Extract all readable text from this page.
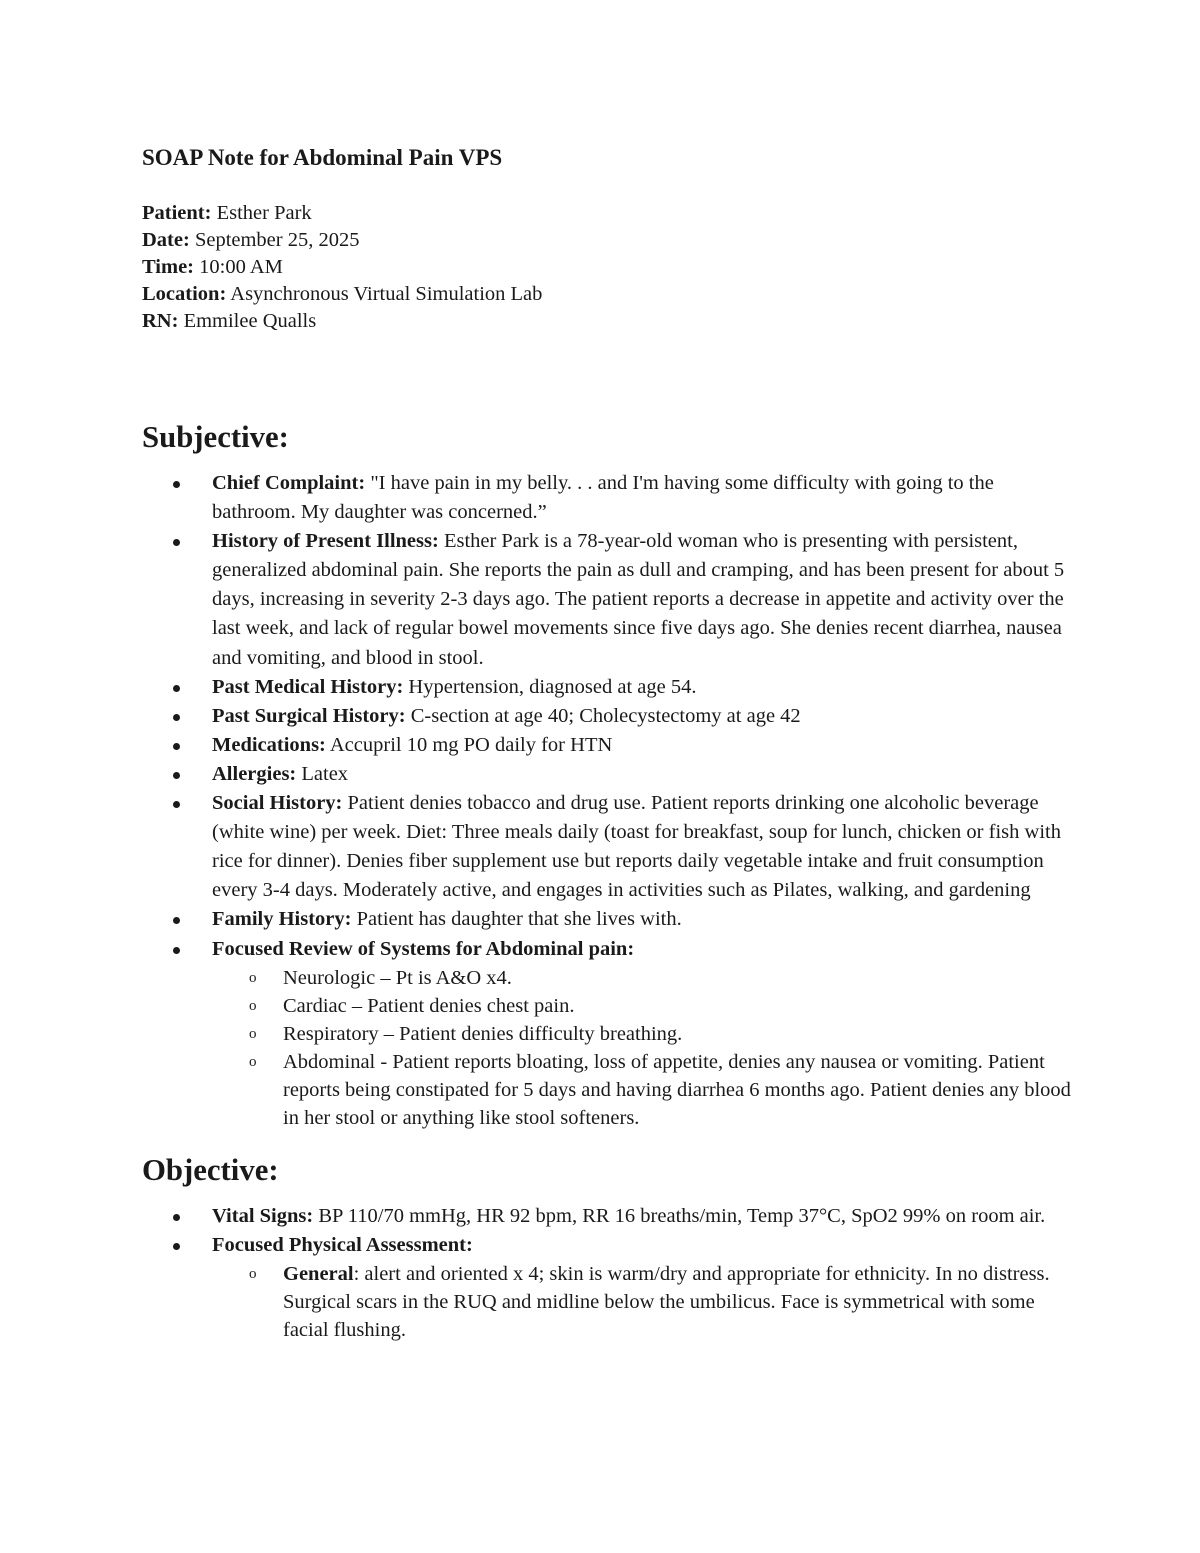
SOAP Note for Abdominal Pain VPS
Patient: Esther Park
Date: September 25, 2025
Time: 10:00 AM
Location: Asynchronous Virtual Simulation Lab
RN: Emmilee Qualls
Subjective:
Chief Complaint: "I have pain in my belly. . . and I'm having some difficulty with going to the bathroom. My daughter was concerned.”
History of Present Illness: Esther Park is a 78-year-old woman who is presenting with persistent, generalized abdominal pain. She reports the pain as dull and cramping, and has been present for about 5 days, increasing in severity 2-3 days ago. The patient reports a decrease in appetite and activity over the last week, and lack of regular bowel movements since five days ago. She denies recent diarrhea, nausea and vomiting, and blood in stool.
Past Medical History: Hypertension, diagnosed at age 54.
Past Surgical History: C-section at age 40; Cholecystectomy at age 42
Medications: Accupril 10 mg PO daily for HTN
Allergies: Latex
Social History: Patient denies tobacco and drug use. Patient reports drinking one alcoholic beverage (white wine) per week. Diet: Three meals daily (toast for breakfast, soup for lunch, chicken or fish with rice for dinner). Denies fiber supplement use but reports daily vegetable intake and fruit consumption every 3-4 days. Moderately active, and engages in activities such as Pilates, walking, and gardening
Family History: Patient has daughter that she lives with.
Focused Review of Systems for Abdominal pain:
o Neurologic – Pt is A&O x4.
o Cardiac – Patient denies chest pain.
o Respiratory – Patient denies difficulty breathing.
o Abdominal - Patient reports bloating, loss of appetite, denies any nausea or vomiting. Patient reports being constipated for 5 days and having diarrhea 6 months ago. Patient denies any blood in her stool or anything like stool softeners.
Objective:
Vital Signs: BP 110/70 mmHg, HR 92 bpm, RR 16 breaths/min, Temp 37°C, SpO2 99% on room air.
Focused Physical Assessment:
o General: alert and oriented x 4; skin is warm/dry and appropriate for ethnicity. In no distress. Surgical scars in the RUQ and midline below the umbilicus. Face is symmetrical with some facial flushing.
